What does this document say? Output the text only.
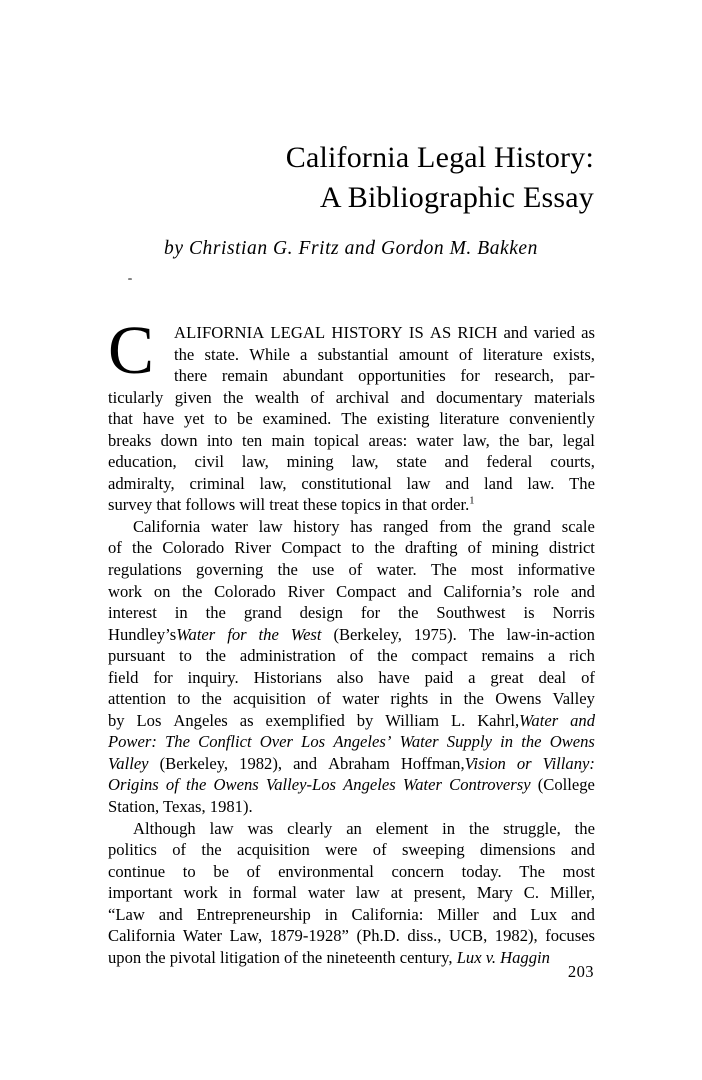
California Legal History:
A Bibliographic Essay
by Christian G. Fritz and Gordon M. Bakken
C ALIFORNIA LEGAL HISTORY IS AS RICH and varied as
the state. While a substantial amount of literature exists,
there remain abundant opportunities for research, par-
ticularly given the wealth of archival and documentary materials
that have yet to be examined. The existing literature conveniently
breaks down into ten main topical areas: water law, the bar, legal
education, civil law, mining law, state and federal courts,
admiralty, criminal law, constitutional law and land law. The
survey that follows will treat these topics in that order.$^1$
California water law history has ranged from the grand scale
of the Colorado River Compact to the drafting of mining district
regulations governing the use of water. The most informative
work on the Colorado River Compact and California’s role and
interest in the grand design for the Southwest is Norris
Hundley’sWater for the West (Berkeley, 1975). The law-in-action
pursuant to the administration of the compact remains a rich
field for inquiry. Historians also have paid a great deal of
attention to the acquisition of water rights in the Owens Valley
by Los Angeles as exemplified by William L. Kahrl,Water and
Power: The Conflict Over Los Angeles’ Water Supply in the Owens
Valley (Berkeley, 1982), and Abraham Hoffman,Vision or Villany:
Origins of the Owens Valley-Los Angeles Water Controversy (College
Station, Texas, 1981).
Although law was clearly an element in the struggle, the
politics of the acquisition were of sweeping dimensions and
continue to be of environmental concern today. The most
important work in formal water law at present, Mary C. Miller,
“Law and Entrepreneurship in California: Miller and Lux and
California Water Law, 1879-1928” (Ph.D. diss., UCB, 1982), focuses
upon the pivotal litigation of the nineteenth century, Lux v. Haggin
203
